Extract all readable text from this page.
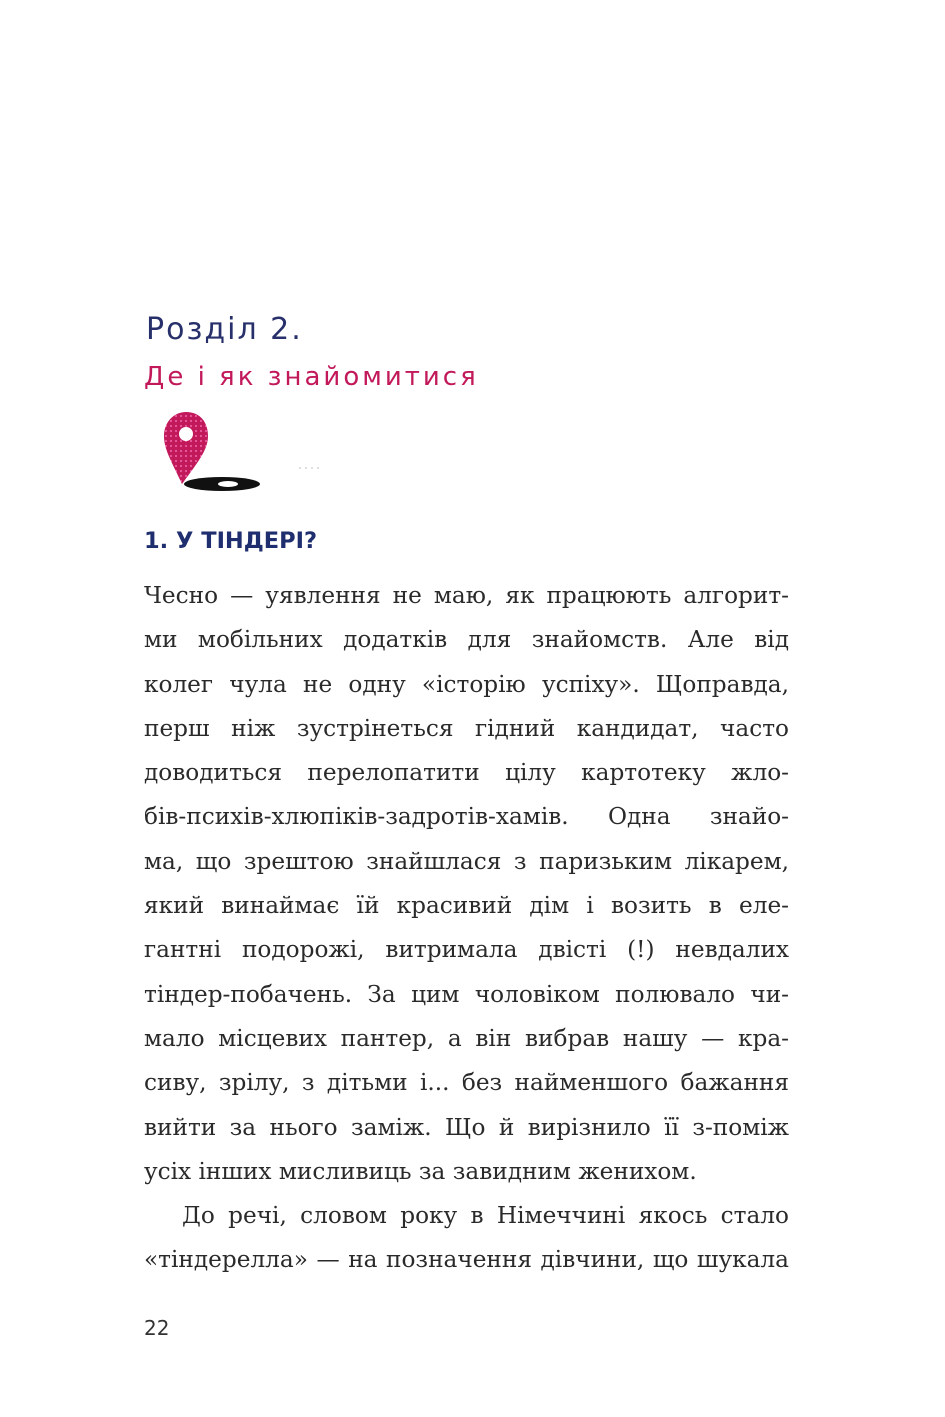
Розділ 2.
Де і як знайомитися
1. У ТІНДЕРІ?

Чесно — уявлення не маю, як працюють алгорит-

ми мобільних додатків для знайомств. Але від

колег чула не одну «історію успіху». Щоправда,

перш ніж зустрінеться гідний кандидат, часто

доводиться перелопатити цілу картотеку жло-

бів-психів-хлюпіків-задротів-хамів. Одна знайо-

ма, що зрештою знайшлася з паризьким лікарем,

який винаймає їй красивий дім і возить в еле-

гантні подорожі, витримала двісті (!) невдалих

тіндер-побачень. За цим чоловіком полювало чи-

мало місцевих пантер, а він вибрав нашу — кра-

сиву, зрілу, з дітьми і... без найменшого бажання

вийти за нього заміж. Що й вирізнило її з-поміж

усіх інших мисливиць за завидним женихом.

До речі, словом року в Німеччині якось стало

«тіндерелла» — на позначення дівчини, що шукала

22
